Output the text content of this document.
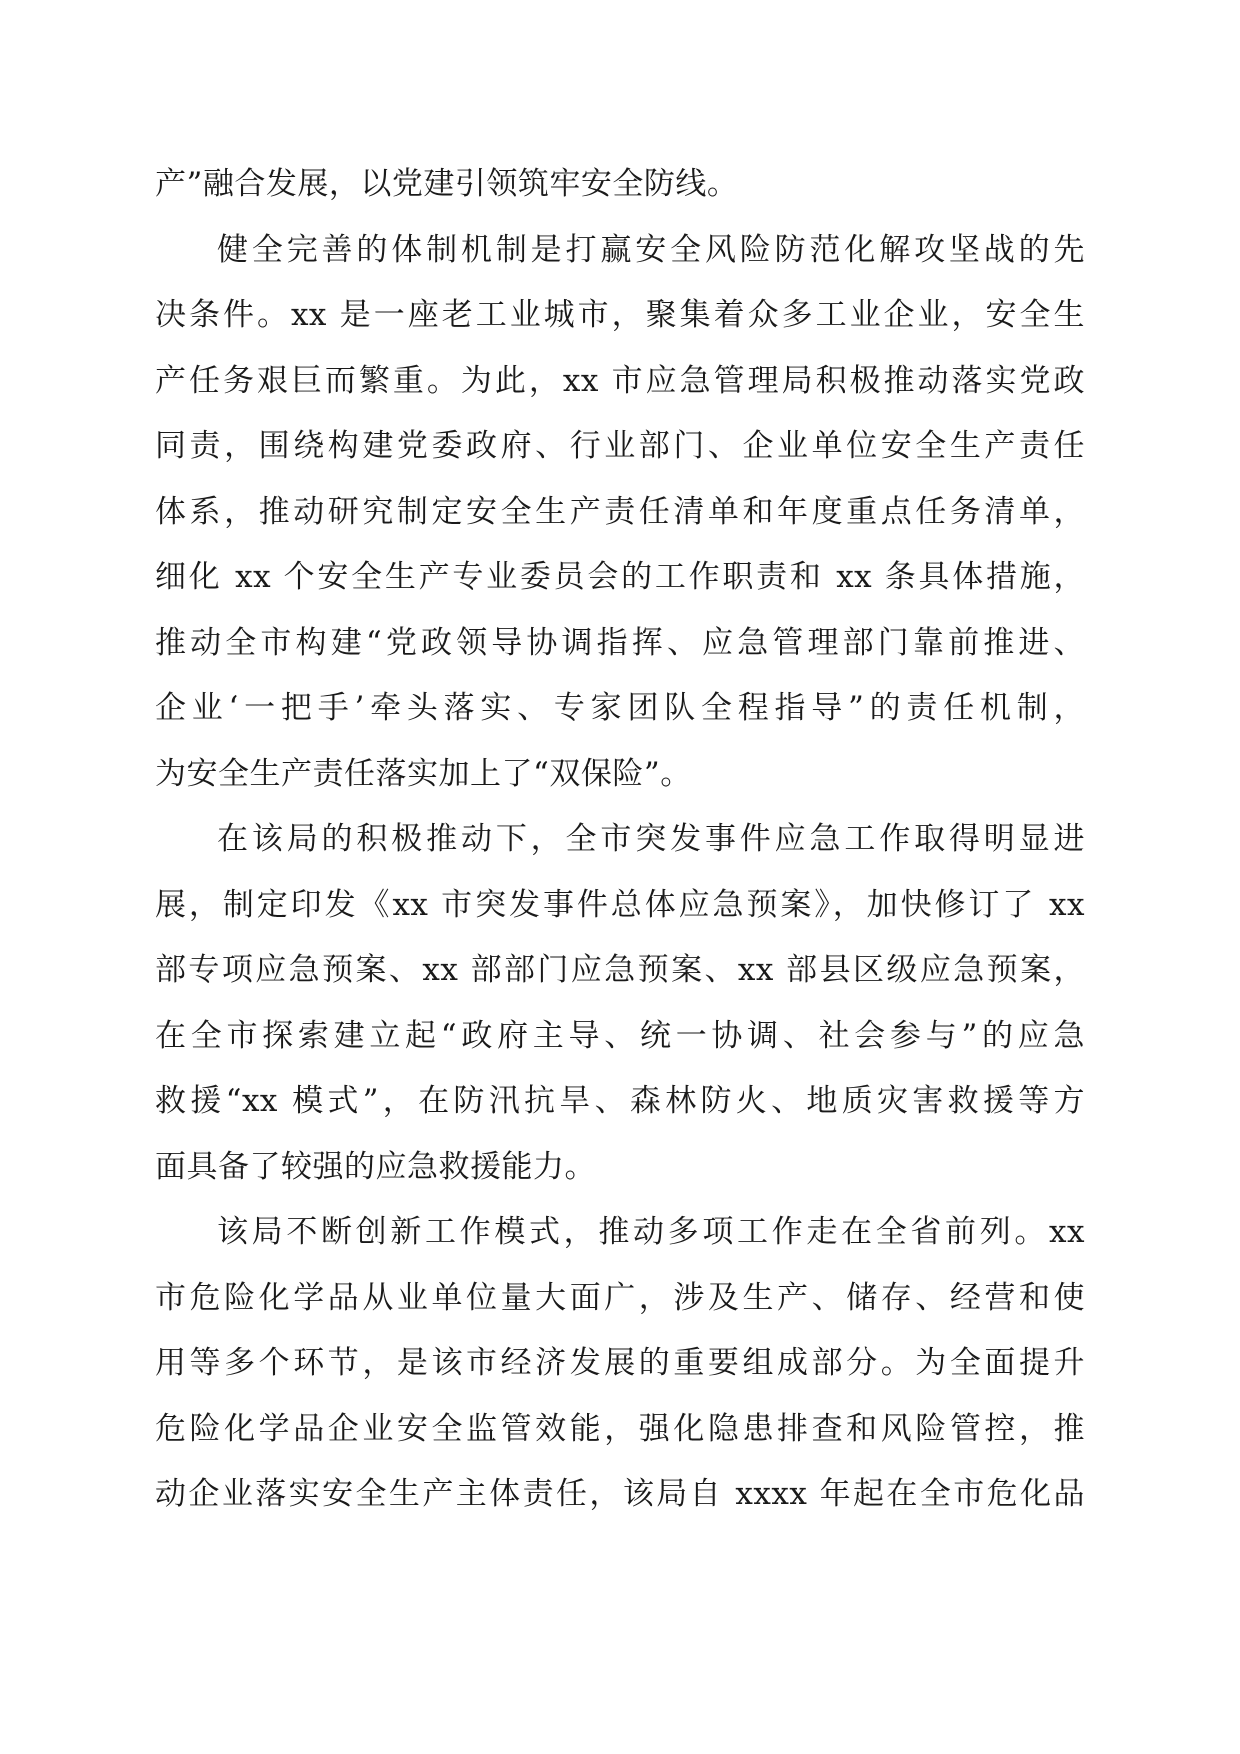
产”融合发展，以党建引领筑牢安全防线。
健全完善的体制机制是打赢安全风险防范化解攻坚战的先
决条件。xx 是一座老工业城市，聚集着众多工业企业，安全生
产任务艰巨而繁重。为此，xx 市应急管理局积极推动落实党政
同责，围绕构建党委政府、行业部门、企业单位安全生产责任
体系，推动研究制定安全生产责任清单和年度重点任务清单，
细化 xx 个安全生产专业委员会的工作职责和 xx 条具体措施，
推动全市构建“党政领导协调指挥、应急管理部门靠前推进、
企业‘一把手’牵头落实、专家团队全程指导”的责任机制，
为安全生产责任落实加上了“双保险”。
在该局的积极推动下，全市突发事件应急工作取得明显进
展，制定印发《xx 市突发事件总体应急预案》，加快修订了 xx
部专项应急预案、xx 部部门应急预案、xx 部县区级应急预案，
在全市探索建立起“政府主导、统一协调、社会参与”的应急
救援“xx 模式”，在防汛抗旱、森林防火、地质灾害救援等方
面具备了较强的应急救援能力。
该局不断创新工作模式，推动多项工作走在全省前列。xx
市危险化学品从业单位量大面广，涉及生产、储存、经营和使
用等多个环节，是该市经济发展的重要组成部分。为全面提升
危险化学品企业安全监管效能，强化隐患排查和风险管控，推
动企业落实安全生产主体责任，该局自 xxxx 年起在全市危化品
